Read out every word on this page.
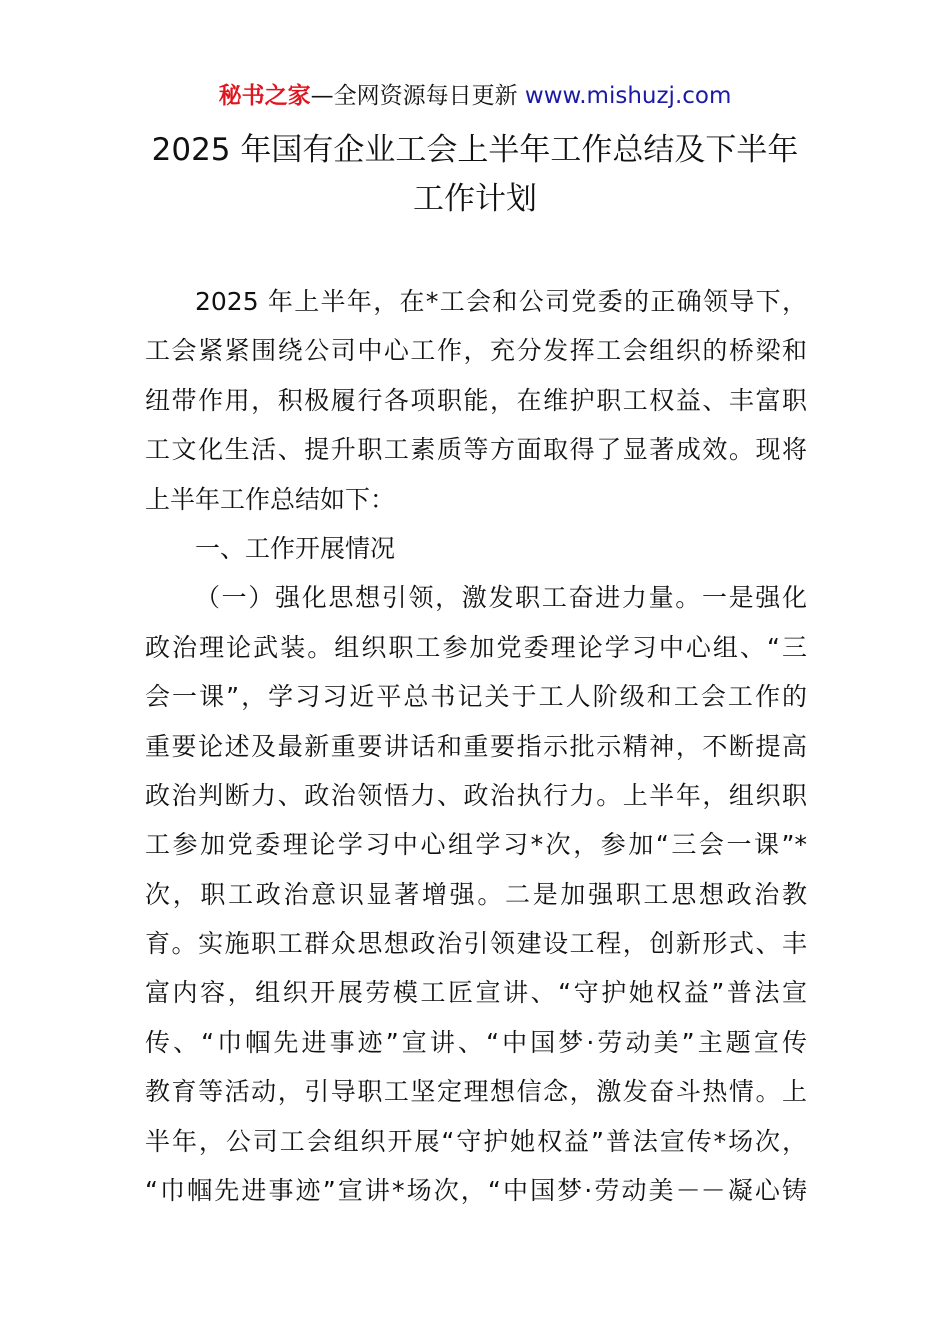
秘书之家—全网资源每日更新 www.mishuzj.com
2025 年国有企业工会上半年工作总结及下半年
工作计划
2025 年上半年，在*工会和公司党委的正确领导下，
工会紧紧围绕公司中心工作，充分发挥工会组织的桥梁和
纽带作用，积极履行各项职能，在维护职工权益、丰富职
工文化生活、提升职工素质等方面取得了显著成效。现将
上半年工作总结如下：
一、工作开展情况
（一）强化思想引领，激发职工奋进力量。一是强化
政治理论武装。组织职工参加党委理论学习中心组、“三
会一课”，学习习近平总书记关于工人阶级和工会工作的
重要论述及最新重要讲话和重要指示批示精神，不断提高
政治判断力、政治领悟力、政治执行力。上半年，组织职
工参加党委理论学习中心组学习*次，参加“三会一课”*
次，职工政治意识显著增强。二是加强职工思想政治教
育。实施职工群众思想政治引领建设工程，创新形式、丰
富内容，组织开展劳模工匠宣讲、“守护她权益”普法宣
传、“巾帼先进事迹”宣讲、“中国梦·劳动美”主题宣传
教育等活动，引导职工坚定理想信念，激发奋斗热情。上
半年，公司工会组织开展“守护她权益”普法宣传*场次，
“巾帼先进事迹”宣讲*场次，“中国梦·劳动美－－凝心铸
